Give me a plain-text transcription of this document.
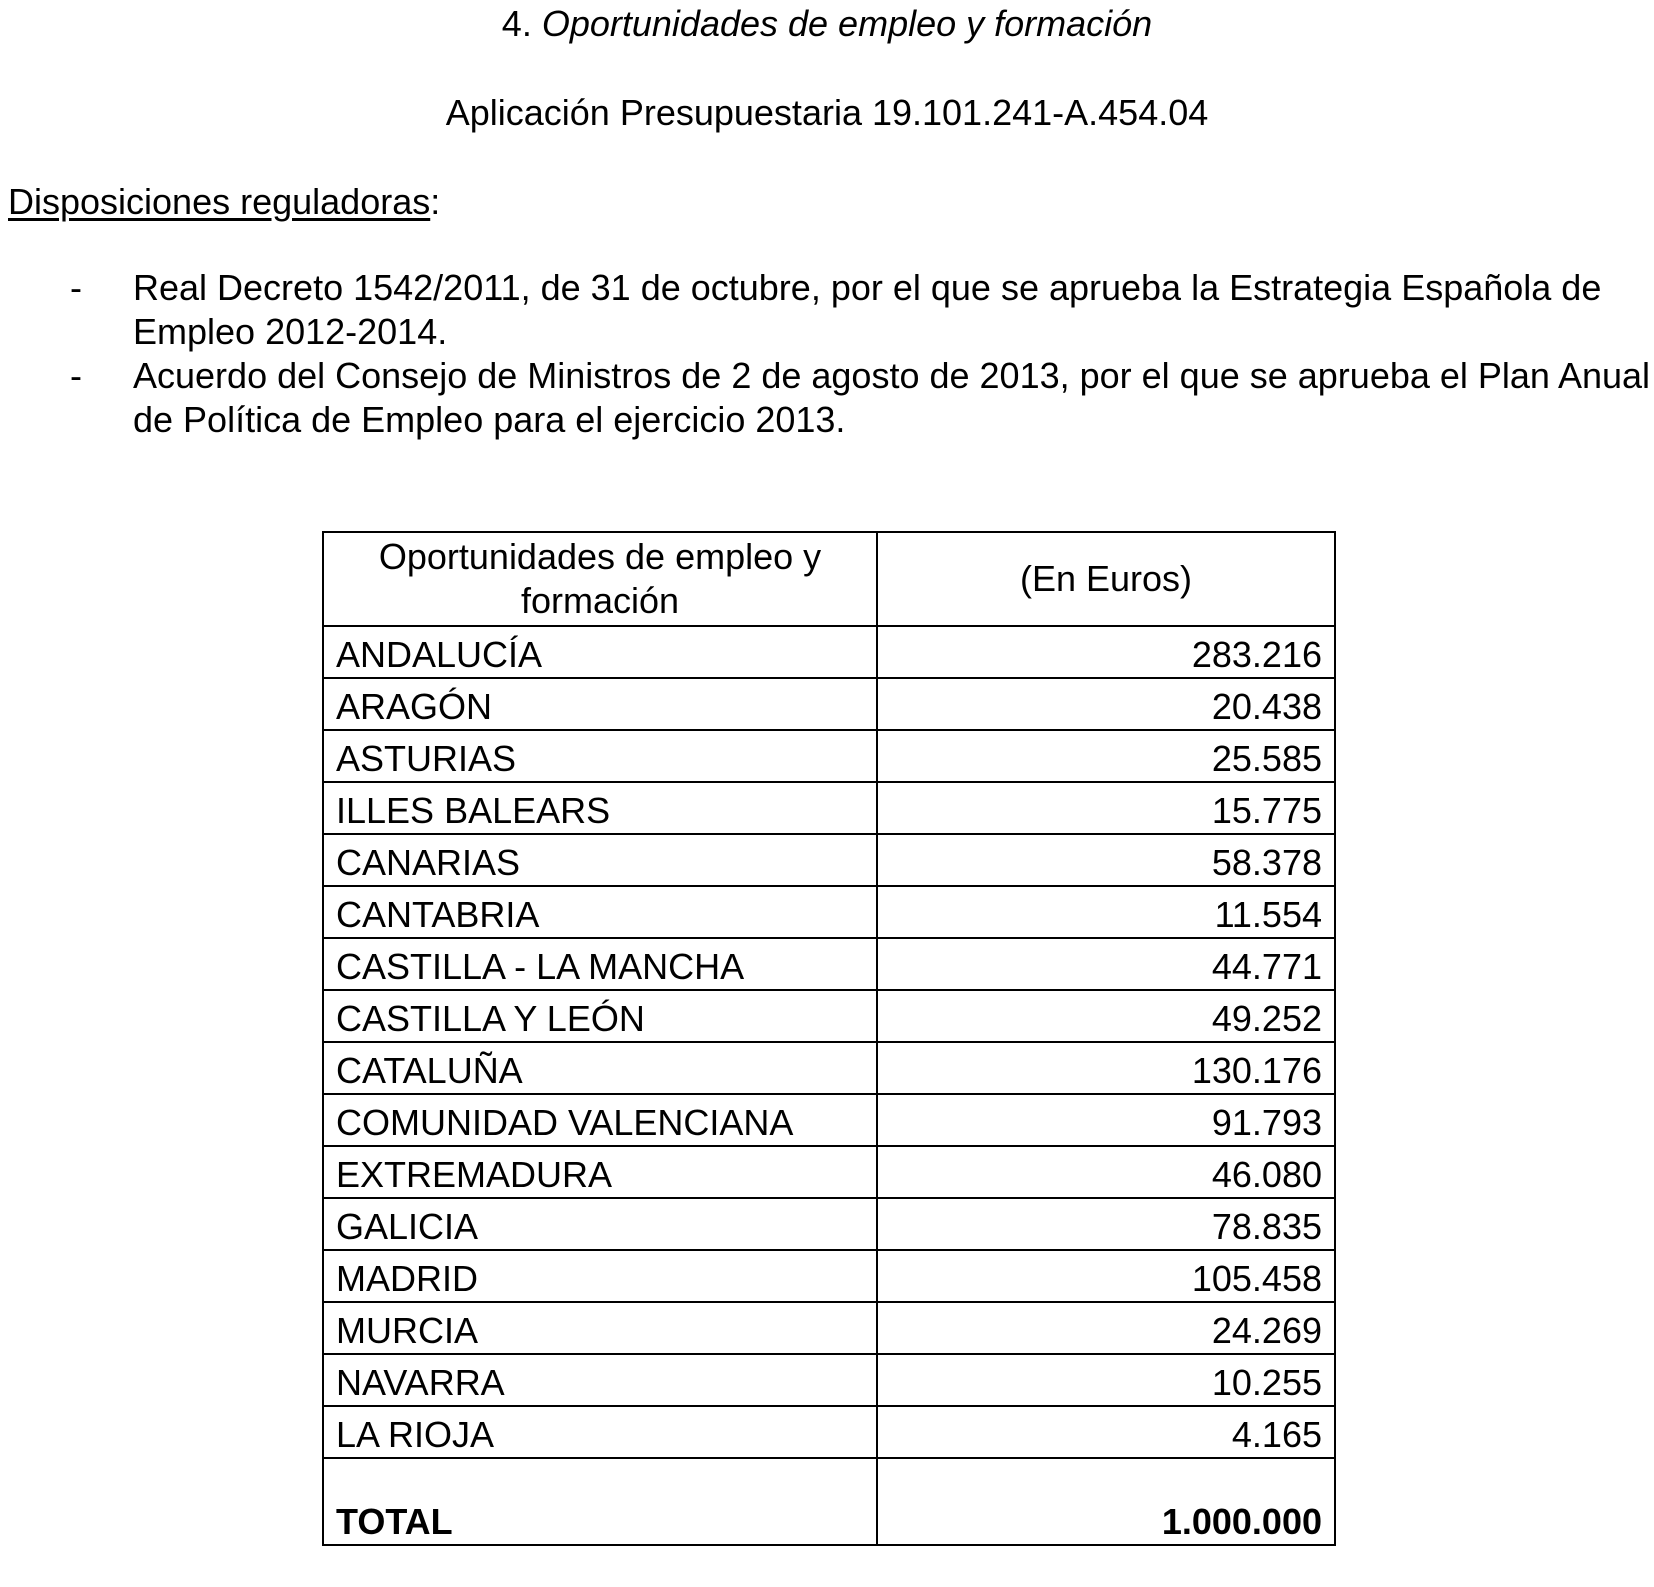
4. Oportunidades de empleo y formación
Aplicación Presupuestaria 19.101.241-A.454.04
Disposiciones reguladoras:
- Real Decreto 1542/2011, de 31 de octubre, por el que se aprueba la Estrategia Española de Empleo 2012-2014.
- Acuerdo del Consejo de Ministros de 2 de agosto de 2013, por el que se aprueba el Plan Anual de Política de Empleo para el ejercicio 2013.
Oportunidades de empleo y formación	(En Euros)
ANDALUCÍA	283.216
ARAGÓN	20.438
ASTURIAS	25.585
ILLES BALEARS	15.775
CANARIAS	58.378
CANTABRIA	11.554
CASTILLA - LA MANCHA	44.771
CASTILLA Y LEÓN	49.252
CATALUÑA	130.176
COMUNIDAD VALENCIANA	91.793
EXTREMADURA	46.080
GALICIA	78.835
MADRID	105.458
MURCIA	24.269
NAVARRA	10.255
LA RIOJA	4.165
TOTAL	1.000.000
